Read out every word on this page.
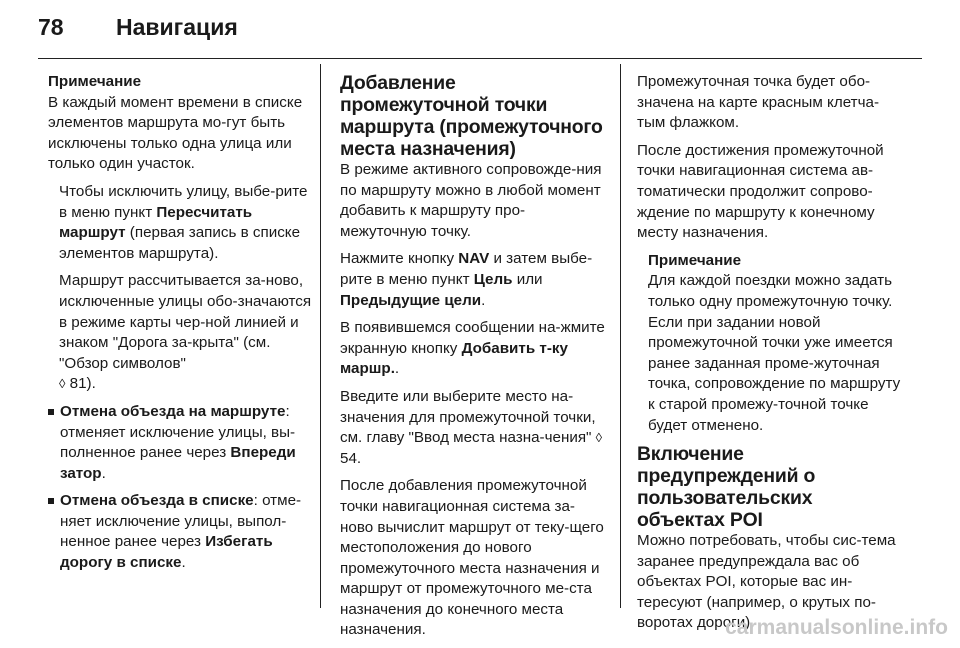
78	Навигация
Примечание

В каждый момент времени в списке элементов маршрута мо-гут быть исключены только одна улица или только один участок.

Чтобы исключить улицу, выбе-рите в меню пункт Пересчитать маршрут (первая запись в списке элементов маршрута).

Маршрут рассчитывается за-ново, исключенные улицы обо-значаются в режиме карты чер-ной линией и знаком "Дорога за-крыта" (см. "Обзор символов"
◊ 81).

Отмена объезда на маршруте: отменяет исключение улицы, вы-полненное ранее через Впереди затор.
Отмена объезда в списке: отме-няет исключение улицы, выпол-ненное ранее через Избегать дорогу в списке.
Добавление промежуточной точки маршрута (промежуточного места назначения)

В режиме активного сопровожде-ния по маршруту можно в любой момент добавить к маршруту про-межуточную точку.

Нажмите кнопку NAV и затем выбе-рите в меню пункт Цель или Предыдущие цели.

В появившемся сообщении на-жмите экранную кнопку Добавить т-ку маршр..

Введите или выберите место на-значения для промежуточной точки, см. главу "Ввод места назна-чения" ◊ 54.

После добавления промежуточной точки навигационная система за-ново вычислит маршрут от теку-щего местоположения до нового промежуточного места назначения и маршрут от промежуточного ме-ста назначения до конечного места назначения.

Промежуточная точка будет обо-значена на карте красным клетча-тым флажком.

После достижения промежуточной точки навигационная система ав-томатически продолжит сопрово-ждение по маршруту к конечному месту назначения.

Примечание

Для каждой поездки можно задать только одну промежуточную точку. Если при задании новой промежуточной точки уже имеется ранее заданная проме-жуточная точка, сопровождение по маршруту к старой промежу-точной точке будет отменено.

Включение предупреждений о пользовательских объектах POI

Можно потребовать, чтобы сис-тема заранее предупреждала вас об объектах POI, которые вас ин-тересуют (например, о крутых по-воротах дороги).

carmanualsonline.info
